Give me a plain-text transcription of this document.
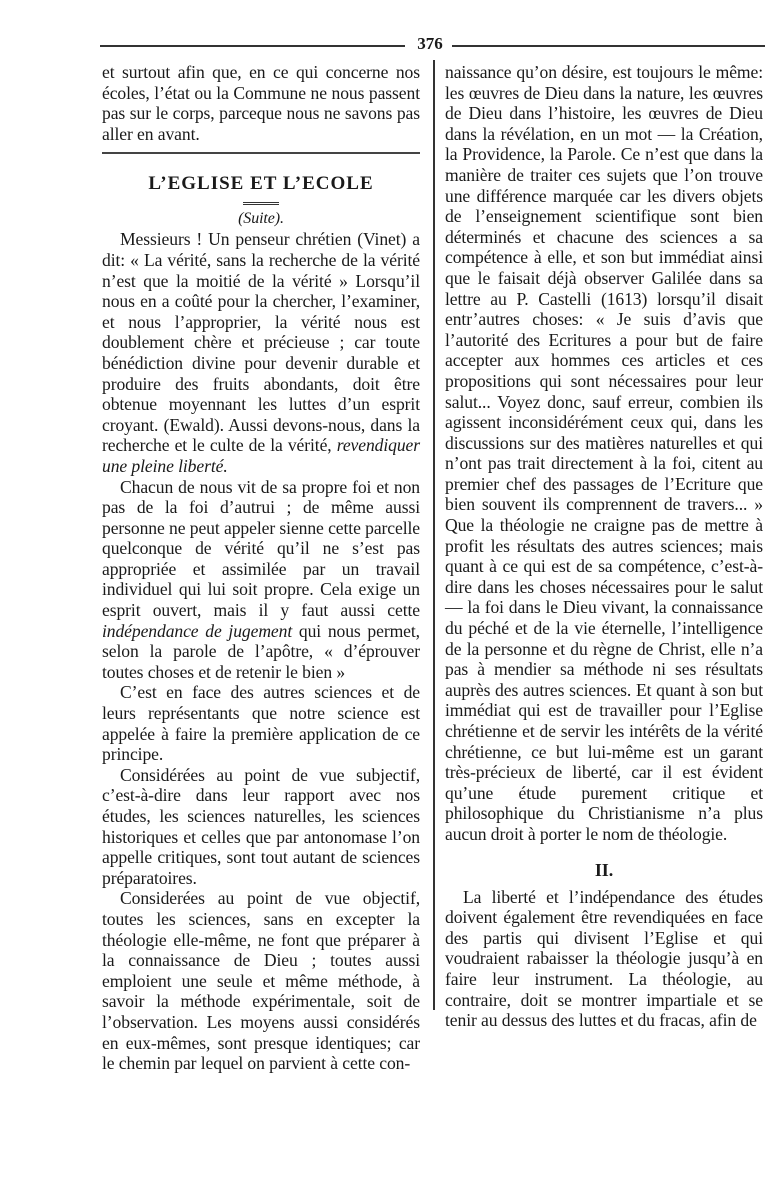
376

et surtout afin que, en ce qui concerne nos écoles, l’état ou la Commune ne nous passent pas sur le corps, parceque nous ne savons pas aller en avant.

L’EGLISE ET L’ECOLE
(Suite).

Messieurs ! Un penseur chrétien (Vinet) a dit: « La vérité, sans la recherche de la vérité n’est que la moitié de la vérité » Lorsqu’il nous en a coûté pour la chercher, l’examiner, et nous l’approprier, la vérité nous est doublement chère et précieuse ; car toute bénédiction divine pour devenir durable et produire des fruits abondants, doit être obtenue moyennant les luttes d’un esprit croyant. (Ewald). Aussi devons-nous, dans la recherche et le culte de la vérité, revendiquer une pleine liberté.

Chacun de nous vit de sa propre foi et non pas de la foi d’autrui ; de même aussi personne ne peut appeler sienne cette parcelle quelconque de vérité qu’il ne s’est pas appropriée et assimilée par un travail individuel qui lui soit propre. Cela exige un esprit ouvert, mais il y faut aussi cette indépendance de jugement qui nous permet, selon la parole de l’apôtre, « d’éprouver toutes choses et de retenir le bien »

C’est en face des autres sciences et de leurs représentants que notre science est appelée à faire la première application de ce principe.

Considérées au point de vue subjectif, c’est-à-dire dans leur rapport avec nos études, les sciences naturelles, les sciences historiques et celles que par antonomase l’on appelle critiques, sont tout autant de sciences préparatoires.

Considerées au point de vue objectif, toutes les sciences, sans en excepter la théologie elle-même, ne font que préparer à la connaissance de Dieu ; toutes aussi emploient une seule et même méthode, à savoir la méthode expérimentale, soit de l’observation. Les moyens aussi considérés en eux-mêmes, sont presque identiques; car le chemin par lequel on parvient à cette con-

naissance qu’on désire, est toujours le même: les œuvres de Dieu dans la nature, les œuvres de Dieu dans l’histoire, les œuvres de Dieu dans la révélation, en un mot — la Création, la Providence, la Parole. Ce n’est que dans la manière de traiter ces sujets que l’on trouve une différence marquée car les divers objets de l’enseignement scientifique sont bien déterminés et chacune des sciences a sa compétence à elle, et son but immédiat ainsi que le faisait déjà observer Galilée dans sa lettre au P. Castelli (1613) lorsqu’il disait entr’autres choses: « Je suis d’avis que l’autorité des Ecritures a pour but de faire accepter aux hommes ces articles et ces propositions qui sont nécessaires pour leur salut... Voyez donc, sauf erreur, combien ils agissent inconsidérément ceux qui, dans les discussions sur des matières naturelles et qui n’ont pas trait directement à la foi, citent au premier chef des passages de l’Ecriture que bien souvent ils comprennent de travers... » Que la théologie ne craigne pas de mettre à profit les résultats des autres sciences; mais quant à ce qui est de sa compétence, c’est-à-dire dans les choses nécessaires pour le salut — la foi dans le Dieu vivant, la connaissance du péché et de la vie éternelle, l’intelligence de la personne et du règne de Christ, elle n’a pas à mendier sa méthode ni ses résultats auprès des autres sciences. Et quant à son but immédiat qui est de travailler pour l’Eglise chrétienne et de servir les intérêts de la vérité chrétienne, ce but lui-même est un garant très-précieux de liberté, car il est évident qu’une étude purement critique et philosophique du Christianisme n’a plus aucun droit à porter le nom de théologie.

II.

La liberté et l’indépendance des études doivent également être revendiquées en face des partis qui divisent l’Eglise et qui voudraient rabaisser la théologie jusqu’à en faire leur instrument. La théologie, au contraire, doit se montrer impartiale et se tenir au dessus des luttes et du fracas, afin de
